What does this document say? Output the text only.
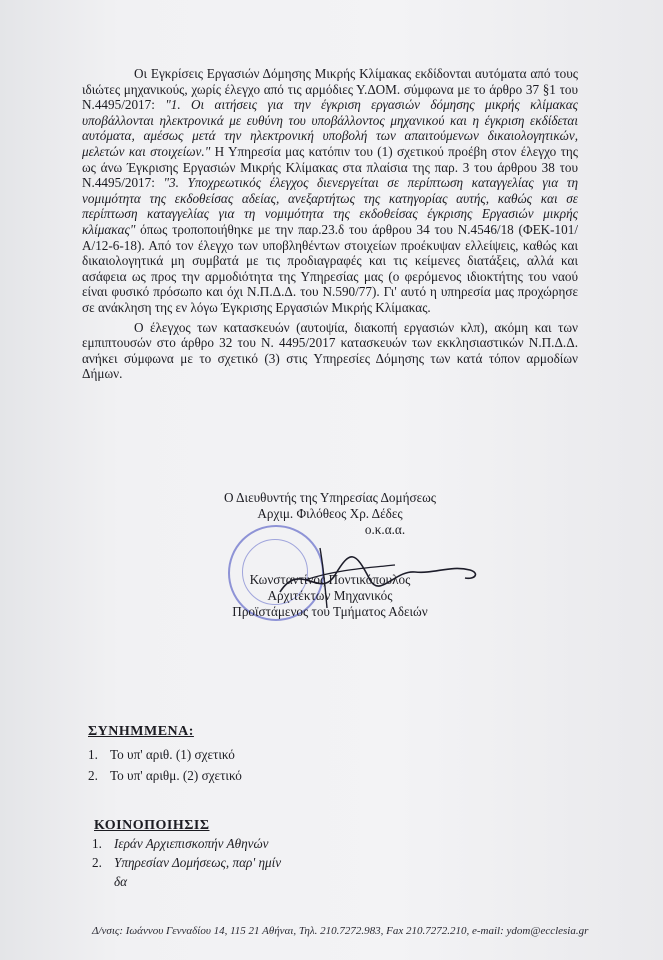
Οι Εγκρίσεις Εργασιών Δόμησης Μικρής Κλίμακας εκδίδονται αυτόματα από τους ιδιώτες μηχανικούς, χωρίς έλεγχο από τις αρμόδιες Υ.ΔΟΜ. σύμφωνα με το άρθρο 37 §1 του Ν.4495/2017: "1. Οι αιτήσεις για την έγκριση εργασιών δόμησης μικρής κλίμακας υποβάλλονται ηλεκτρονικά με ευθύνη του υποβάλλοντος μηχανικού και η έγκριση εκδίδεται αυτόματα, αμέσως μετά την ηλεκτρονική υποβολή των απαιτούμενων δικαιολογητικών, μελετών και στοιχείων." Η Υπηρεσία μας κατόπιν του (1) σχετικού προέβη στον έλεγχο της ως άνω Έγκρισης Εργασιών Μικρής Κλίμακας στα πλαίσια της παρ. 3 του άρθρου 38 του Ν.4495/2017: "3. Υποχρεωτικός έλεγχος διενεργείται σε περίπτωση καταγγελίας για τη νομιμότητα της εκδοθείσας αδείας, ανεξαρτήτως της κατηγορίας αυτής, καθώς και σε περίπτωση καταγγελίας για τη νομιμότητα της εκδοθείσας έγκρισης Εργασιών μικρής κλίμακας" όπως τροποποιήθηκε με την παρ.23.δ του άρθρου 34 του Ν.4546/18 (ΦΕΚ-101/Α/12-6-18). Από τον έλεγχο των υποβληθέντων στοιχείων προέκυψαν ελλείψεις, καθώς και δικαιολογητικά μη συμβατά με τις προδιαγραφές και τις κείμενες διατάξεις, αλλά και ασάφεια ως προς την αρμοδιότητα της Υπηρεσίας μας (ο φερόμενος ιδιοκτήτης του ναού είναι φυσικό πρόσωπο και όχι Ν.Π.Δ.Δ. του Ν.590/77). Γι' αυτό η υπηρεσία μας προχώρησε σε ανάκληση της εν λόγω Έγκρισης Εργασιών Μικρής Κλίμακας.

Ο έλεγχος των κατασκευών (αυτοψία, διακοπή εργασιών κλπ), ακόμη και των εμπιπτουσών στο άρθρο 32 του Ν. 4495/2017 κατασκευών των εκκλησιαστικών Ν.Π.Δ.Δ. ανήκει σύμφωνα με το σχετικό (3) στις Υπηρεσίες Δόμησης των κατά τόπον αρμοδίων Δήμων.

Ο Διευθυντής της Υπηρεσίας Δομήσεως
Αρχιμ. Φιλόθεος Χρ. Δέδες
ο.κ.α.α.
Κωνσταντίνος Ποντικόπουλος
Αρχιτέκτων Μηχανικός
Προϊστάμενος του Τμήματος Αδειών
ΣΥΝΗΜΜΕΝΑ:
1. Το υπ' αριθ. (1) σχετικό
2. Το υπ' αριθμ. (2) σχετικό
ΚΟΙΝΟΠΟΙΗΣΙΣ
1. Ιεράν Αρχιεπισκοπήν Αθηνών
2. Υπηρεσίαν Δομήσεως, παρ' ημίν
δα
Δ/νσις: Ιωάννου Γενναδίου 14, 115 21 Αθήναι, Τηλ. 210.7272.983, Fax 210.7272.210, e-mail: ydom@ecclesia.gr
